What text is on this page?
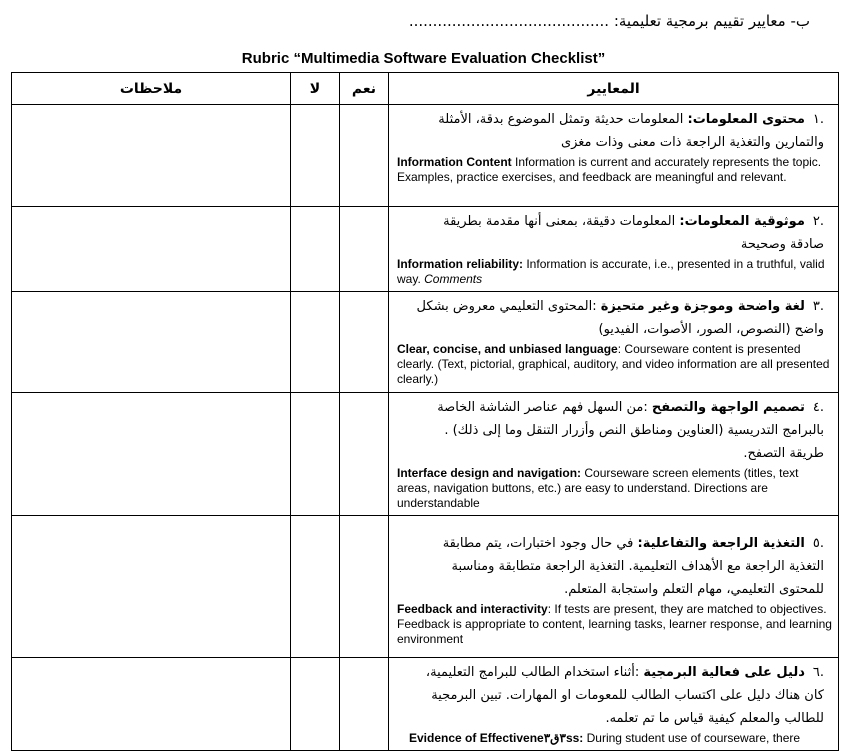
ب- معايير تقييم برمجية تعليمية: ..........................................
Rubric “Multimedia Software Evaluation Checklist”
ملاحظات	لا	نعم	المعايير

			.١محتوى المعلومات: المعلومات حديثة وتمثل الموضوع بدقة، الأمثلة والتمارين والتغذية الراجعة ذات معنى وذات مغزى
Information Content Information is current and accurately represents the topic. Examples, practice exercises, and feedback are meaningful and relevant.

			.٢موثوقية المعلومات: المعلومات دقيقة، بمعنى أنها مقدمة بطريقة صادقة وصحيحة
Information reliability: Information is accurate, i.e., presented in a truthful, valid way. Comments

			.٣لغة واضحة وموجزة وغير متحيزة :المحتوى التعليمي معروض بشكل واضح (النصوص، الصور، الأصوات، الفيديو)
Clear, concise, and unbiased language: Courseware content is presented clearly. (Text, pictorial, graphical, auditory, and video information are all presented clearly.)

			.٤تصميم الواجهة والتصفح :من السهل فهم عناصر الشاشة الخاصة بالبرامج التدريسية (العناوين ومناطق النص وأزرار التنقل وما إلى ذلك) . طريقة التصفح.
Interface design and navigation: Courseware screen elements (titles, text areas, navigation buttons, etc.) are easy to understand. Directions are understandable

			.٥التغذية الراجعة والتفاعلية: في حال وجود اختبارات، يتم مطابقة التغذية الراجعة مع الأهداف التعليمية. التغذية الراجعة متطابقة ومناسبة للمحتوى التعليمي، مهام التعلم واستجابة المتعلم.
Feedback and interactivity: If tests are present, they are matched to objectives. Feedback is appropriate to content, learning tasks, learner response, and learning environment

			.٦دليل على فعالية البرمجية :أثناء استخدام الطالب للبرامج التعليمية، كان هناك دليل على اكتساب الطالب للمعومات او المهارات. تبين البرمجية للطالب والمعلم كيفية قياس ما تم تعلمه.
Evidence of Effectivene٣ق٣ss: During student use of courseware, there
